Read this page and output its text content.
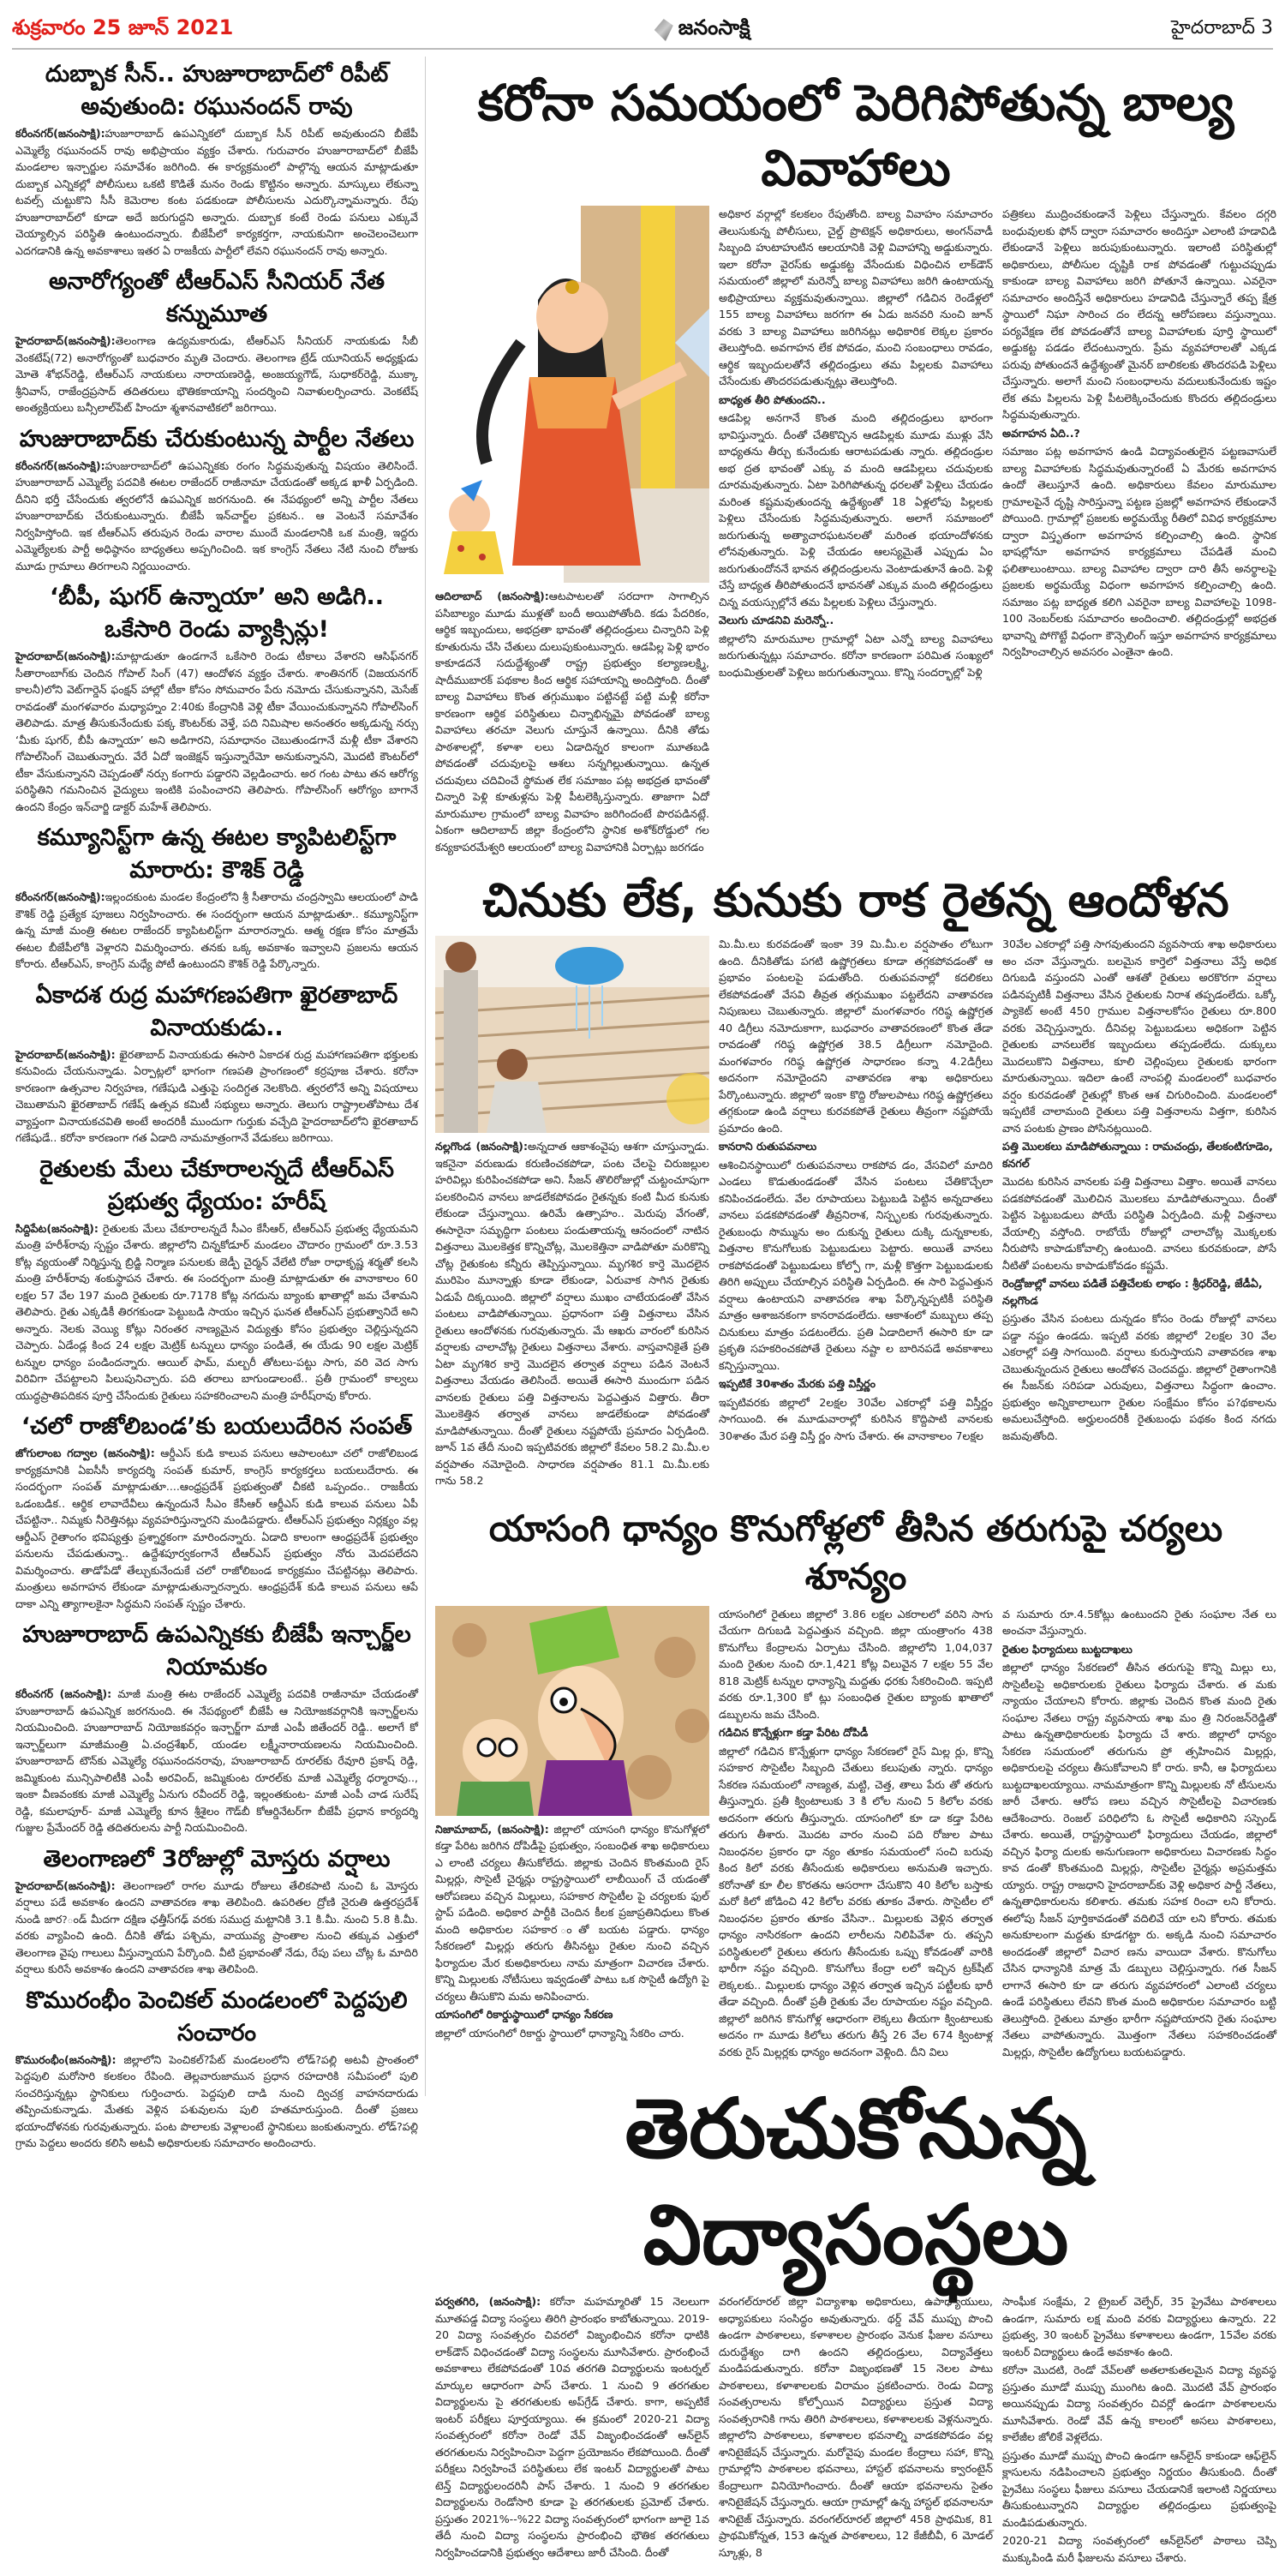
శుక్రవారం 25 జూన్ 2021	జనంసాక్షి	హైదరాబాద్ 3
దుబ్బాక సీన్.. హుజూరాబాద్‌లో రిపీట్ అవుతుంది: రఘునందన్ రావు

కరీంనగర్(జనంసాక్షి):హుజూరాబాద్ ఉపఎన్నికలో దుబ్బాక సీన్ రిపీట్ అవుతుందని బీజేపీ ఎమ్మెల్యే రఘునందన్ రావు అభిప్రాయం వ్యక్తం చేశారు. గురువారం హుజూరాబాద్‌లో బీజేపీ మండలాల ఇన్చార్జుల సమావేశం జరిగింది. ఈ కార్యక్రమంలో పాల్గొన్న ఆయన మాట్లాడుతూ దుబ్బాక ఎన్నికల్లో పోలీసులు ఒకటి కొడితే మనం రెండు కొట్టినం అన్నారు. మాస్కులు లేకున్నా టవల్స్ చుట్టుకొని సీసీ కెమెరాల కంట పడకుండా పోలీసులను ఎదుర్కొన్నామన్నారు. రేపు హుజూరాబాద్‌లో కూడా అదే జరుగుద్దని అన్నారు. దుబ్బాక కంటే రెండు పనులు ఎక్కువే చెయ్యాల్సిన పరిస్థితి ఉంటుందన్నారు. బీజేపీలో కార్యకర్తగా, నాయకునిగా అంచెలంచెలుగా ఎదగడానికి ఉన్న అవకాశాలు ఇతర ఏ రాజకీయ పార్టీలో లేవని రఘునందన్ రావు అన్నారు.

అనారోగ్యంతో టీఆర్ఎస్ సీనియర్ నేత కన్నుమూత

హైదరాబాద్(జనంసాక్షి):తెలంగాణ ఉద్యమకారుడు, టీఆర్ఎస్ సీనియర్ నాయకుడు సీబీ వెంకటేష్(72) అనారోగ్యంతో బుధవారం మృతి చెందారు. తెలంగాణ ట్రేడ్ యూనియన్ అధ్యక్షుడు మోతె శోభన్‌రెడ్డి, టీఆర్ఎస్ నాయకులు నారాయణరెడ్డి, అంజయ్యగౌడ్, సుధాకర్‌రెడ్డి, ముక్కా శ్రీనివాస్, రాజేంద్రప్రసాద్ తదితరులు భౌతికకాయాన్ని సందర్శించి నివాళులర్పించారు. వెంకటేష్ అంత్యక్రియలు బన్సీలాల్‌పేట్ హిందూ శ్మశానవాటికలో జరిగాయి.

హుజురాబాద్‌కు చేరుకుంటున్న పార్టీల నేతలు

కరీంనగర్(జనంసాక్షి):హుజురాబాద్‌లో ఉపఎన్నికకు రంగం సిద్ధమవుతున్న విషయం తెలిసిందే. హుజూరాబాద్ ఎమ్మెల్యే పదవికి ఈటల రాజేందర్ రాజీనామా చేయడంతో అక్కడ ఖాళీ ఏర్పడింది. దీనిని భర్తీ చేసేందుకు త్వరలోనే ఉపఎన్నిక జరగనుంది. ఈ నేపథ్యంలో అన్ని పార్టీల నేతలు హుజూరాబాద్‌కు చేరుకుంటున్నారు. బీజేపీ ఇన్‌చార్జ్‌ల ప్రకటన.. ఆ వెంటనే సమావేశం నిర్వహిస్తోంది. ఇక టీఆర్ఎస్ తరుపున రెండు వారాల ముందే మండలానికి ఒక మంత్రి, ఇద్దరు ఎమ్మెల్యేలకు పార్టీ అధిష్ఠానం బాధ్యతలు అప్పగించింది. ఇక కాంగ్రెస్ నేతలు నేటి నుంచి రోజుకు మూడు గ్రామాలు తిరగాలని నిర్ణయించారు.

‘బీపీ, షుగర్ ఉన్నాయా’ అని అడిగి.. ఒకేసారి రెండు వ్యాక్సిన్లు!

హైదరాబాద్(జనంసాక్షి):మాట్లాడుతూ ఉండగానే ఒకేసారి రెండు టీకాలు వేశారని ఆసిఫ్‌నగర్ సీతారాంబాగ్‌కు చెందిన గోపాల్ సింగ్ (47) ఆందోళన వ్యక్తం చేశారు. శాంతినగర్ (విజయనగర్ కాలనీ)లోని వెట్‌గార్డెన్ ఫంక్షన్ హాల్లో టీకా కోసం సోమవారం పేరు నమోదు చేసుకున్నానని, మెసేజ్ రావడంతో మంగళవారం మధ్యాహ్నం 2:40కు కేంద్రానికి వెళ్లి టీకా వేయించుకున్నానని గోపాల్‌సింగ్ తెలిపాడు. మాత్ర తీసుకునేందుకు పక్క కౌంటర్‌కు వెళ్తే, పది నిమిషాల అనంతరం అక్కడున్న నర్సు ‘మీకు షుగర్, బీపీ ఉన్నాయా’ అని అడిగారని, సమాధానం చెబుతుండగానే మళ్లీ టీకా వేశారని గోపాల్‌సింగ్ చెబుతున్నారు. వేరే ఏదో ఇంజెక్షన్ ఇస్తున్నారేమో అనుకున్నానని, మొదటి కౌంటర్‌లో టీకా వేసుకున్నానని చెప్పడంతో నర్సు కంగారు పడ్డారని వెల్లడించారు. అర గంట పాటు తన ఆరోగ్య పరిస్థితిని గమనించిన వైద్యులు ఇంటికి పంపించారని తెలిపారు. గోపాల్‌సింగ్ ఆరోగ్యం బాగానే ఉందని కేంద్రం ఇన్‌చార్జి డాక్టర్ మహేశ్ తెలిపారు.

కమ్యూనిస్ట్‌గా ఉన్న ఈటల క్యాపిటలిస్ట్‌గా మారారు: కౌశిక్ రెడ్డి

కరీంనగర్(జనంసాక్షి):ఇల్లందకుంట మండల కేంద్రంలోని శ్రీ సీతారామ చంద్రస్వామి ఆలయంలో పాడి కౌశిక్ రెడ్డి ప్రత్యేక పూజలు నిర్వహించారు. ఈ సందర్భంగా ఆయన మాట్లాడుతూ.. కమ్యూనిస్ట్‌గా ఉన్న మాజీ మంత్రి ఈటల రాజేందర్ క్యాపిటలిస్ట్‌గా మారారన్నారు. ఆత్మ రక్షణ కోసం మాత్రమే ఈటల బీజేపీలోకి వెళ్లారని విమర్శించారు. తనకు ఒక్క అవకాశం ఇవ్వాలని ప్రజలను ఆయన కోరారు. టీఆర్ఎస్, కాంగ్రెస్ మధ్యే పోటీ ఉంటుందని కౌశిక్ రెడ్డి పేర్కొన్నారు.

ఏకాదశ రుద్ర మహాగణపతిగా ఖైరతాబాద్ వినాయకుడు..

హైదరాబాద్(జనంసాక్షి): ఖైరతాబాద్ వినాయకుడు ఈసారి ఏకాదశ రుద్ర మహాగణపతిగా భక్తులకు కనువిందు చేయనున్నాడు. ఏర్పాట్లలో భాగంగా గణపతి ప్రాంగణంలో కర్రపూజ చేశారు. కరోనా కారణంగా ఉత్సవాల నిర్వహణ, గణేషుడి ఎత్తుపై సందిగ్ధత నెలకొంది. త్వరలోనే అన్ని విషయాలు చెబుతామని ఖైరతాబాద్ గణేష్ ఉత్సవ కమిటీ సభ్యులు అన్నారు. తెలుగు రాష్ట్రాలతోపాటు దేశ వ్యాప్తంగా వినాయకచవితి అంటే అందరికీ ముందుగా గుర్తుకు వచ్చేది హైదరాబాద్‌లోని ఖైరతాబాద్ గణేషుడే.. కరోనా కారణంగా గత ఏడాది నామమాత్రంగానే వేడుకలు జరిగాయి.

రైతులకు మేలు చేకూరాలన్నదే టీఆర్ఎస్ ప్రభుత్వ ధ్యేయం: హరీష్

సిద్దిపేట(జనంసాక్షి): రైతులకు మేలు చేకూరాలన్నదే సీఎం కేసీఆర్, టీఆర్ఎస్ ప్రభుత్వ ధ్యేయమని మంత్రి హరీశ్‌రావు స్పష్టం చేశారు. జిల్లాలోని చిన్నకోడూర్ మండలం చౌదారం గ్రామంలో రూ.3.53 కోట్ల వ్యయంతో నిర్మిస్తున్న బ్రిడ్జి నిర్మాణ పనులకు జెడ్పీ చైర్మన్ వేలేటి రోజా రాధాకృష్ణ శర్మతో కలసి మంత్రి హరీశ్‌రావు శంకుస్థాపన చేశారు. ఈ సందర్భంగా మంత్రి మాట్లాడుతూ ఈ వానాకాలం 60 లక్షల 57 వేల 197 మంది రైతులకు రూ.7178 కోట్ల నగదును బ్యాంకు ఖాతాల్లో జమ చేశామని తెలిపారు. రైతు ఎక్కడికీ తిరగకుండా పెట్టుబడి సాయం ఇచ్చిన ఘనత టీఆర్ఎస్ ప్రభుత్వానిదే అని అన్నారు. నెలకు వెయ్యి కోట్లు నిరంతర నాణ్యమైన విద్యుత్తు కోసం ప్రభుత్వం చెల్లిస్తున్నదని చెప్పారు. ఏడేండ్ల కింద 24 లక్షల మెట్రిక్ టన్నులు ధాన్యం పండితే, ఈ యేడు 90 లక్షల మెట్రిక్ టన్నుల ధాన్యం పండిందన్నారు. ఆయిల్ ఫామ్, మల్బరీ తోటలు-పట్టు సాగు, వరి వెద సాగు విరివిగా చేపట్టాలని పిలుపునిచ్చారు. పది తరాలు బాగుండాలంటే.. ప్రతీ గ్రామంలో కాల్వలు యుద్ధప్రాతిపదికన పూర్తి చేసేందుకు రైతులు సహకరించాలని మంత్రి హరీష్‌రావు కోరారు.

‘చలో రాజోలిబండ’కు బయలుదేరిన సంపత్

జోగులాంబ గద్వాల (జనంసాక్షి): ఆర్డీఎస్ కుడి కాలువ పనులు ఆపాలంటూ చలో రాజోలిబండ కార్యక్రమానికి ఏఐసీసీ కార్యదర్శి సంపత్ కుమార్, కాంగ్రెస్ కార్యకర్తలు బయలుదేరారు. ఈ సందర్భంగా సంపత్ మాట్లాడుతూ....ఆంధ్రప్రదేశ్ ప్రభుత్వంతో చీకటి ఒప్పందం.. రాజకీయ ఒడంబడిక.. ఆర్థిక లావాదేవీలు ఉన్నందునే సీఎం కేసీఆర్ ఆర్డీఎస్ కుడి కాలువ పనులు ఏపీ చేపట్టినా.. నిమ్మకు నీరెత్తినట్లు వ్యవహరిస్తున్నారని మండిపడ్డారు. టీఆర్ఎస్ ప్రభుత్వం నిర్లక్ష్యం వల్ల ఆర్డీఎస్ రైతాంగం భవిష్యత్తు ప్రశ్నార్థకంగా మారిందన్నారు. ఏడాది కాలంగా ఆంధ్రప్రదేశ్ ప్రభుత్వం పనులను చేపడుతున్నా.. ఉద్దేశపూర్వకంగానే టీఆర్ఎస్ ప్రభుత్వం నోరు మెదపలేదని విమర్శించారు. తాడోపేడో తేల్చుకునేందుకే చలో రాజోలిబండ కార్యక్రమం చేపట్టినట్లు తెలిపారు. మంత్రులు అవగాహన లేకుండా మాట్లాడుతున్నారన్నారు. ఆంధ్రప్రదేశ్ కుడి కాలువ పనులు ఆపే దాకా ఎన్ని త్యాగాలకైనా సిద్ధమని సంపత్ స్పష్టం చేశారు.

హుజూరాబాద్ ఉపఎన్నికకు బీజేపీ ఇన్చార్జ్‌ల నియామకం

కరీంనగర్ (జనంసాక్షి): మాజీ మంత్రి ఈట రాజేందర్ ఎమ్మెల్యే పదవికి రాజీనామా చేయడంతో హుజూరాబాద్ ఉపఎన్నిక జరగనుంది. ఈ నేపథ్యంలో బీజేపీ ఆ నియోజకవర్గానికి ఇన్చార్జ్‌లను నియమించింది. హుజూరాబాద్ నియోజకవర్గం ఇన్చార్జ్‌గా మాజీ ఎంపీ జితేందర్ రెడ్డి.. అలాగే కో ఇన్చార్జ్‌లుగా మాజీమంత్రి ఏ.చంద్రశేఖర్, యండల లక్ష్మీనారాయణలను నియమించింది. హుజూరాబాద్ టౌన్‌కు ఎమ్మెల్యే రఘునందనరావు, హుజూరాబాద్ రూరల్‌కు రేవూరి ప్రకాష్ రెడ్డి, జమ్మికుంట మున్సిపాలిటీకి ఎంపీ అరవింద్, జమ్మికుంట రూరల్‌కు మాజీ ఎమ్మెల్యే ధర్మారావు.., ఇంకా వీణవంకకు మాజీ ఎమ్మెల్యే ఏనుగు రవీందర్ రెడ్డి, ఇల్లంతకుంట- మాజీ ఎంపీ చాడ సురేష్ రెడ్డి, కమలాపూర్- మాజీ ఎమ్మెల్యే కూన శ్రీశైలం గౌడ్‌బీ కోఆర్డినేటర్‌గా బీజేపీ ప్రధాన కార్యదర్శి గుజ్జుల ప్రేమేందర్ రెడ్డి తదితరులను పార్టీ నియమించింది.

తెలంగాణలో 3రోజుల్లో మోస్తరు వర్షాలు

హైదరాబాద్(జనంసాక్షి): తెలంగాణలో రాగల మూడు రోజులు తేలికపాటి నుంచి ఓ మోస్తరు వర్షాలు పడే అవకాశం ఉందని వాతావరణ శాఖ తెలిపింది. ఉపరితల ద్రోణి నైరుతి ఉత్తరప్రదేశ్ నుండి జార?ండ్ మీదగా దక్షిణ ఛత్తీస్‌గఢ్ వరకు సముద్ర మట్టానికి 3.1 కి.మీ. నుంచి 5.8 కి.మీ. వరకు వ్యాపించి ఉంది. దీనికి తోడు పశ్చిమ, వాయువ్య ప్రాంతాల నుంచి తక్కువ ఎత్తులో తెలంగాణ వైపు గాలులు వీస్తున్నాయని పేర్కొంది. వీటి ప్రభావంతో నేడు, రేపు పలు చోట్ల ఓ మాదిరి వర్షాలు కురిసే అవకాశం ఉందని వాతావరణ శాఖ తెలిపింది.

కొమురంభీం పెంచికల్ మండలంలో పెద్దపులి సంచారం

కొమురంభీం(జనంసాక్షి): జిల్లాలోని పెంచికల్?పేట్ మండలంలోని లోడ్?పల్లి అటవీ ప్రాంతంలో పెద్దపులి మరోసారి కలకలం రేపింది. తెల్లవారుజామున ప్రధాన రహదారికి సమీపంలో పులి సంచరిస్తున్నట్లు స్థానికులు గుర్తించారు. పెద్దపులి దాడి నుంచి ద్విచక్ర వాహనదారుడు తప్పించుకున్నాడు. మేతకు వెళ్లిన పశువులను పులి హతమారుస్తుంది. దీంతో ప్రజలు భయాందోళనకు గురవుతున్నారు. పంట పొలాలకు వెళ్లాలంటే స్థానికులు జంకుతున్నారు. లోడ్?పల్లి గ్రామ పెద్దలు అందరు కలిసి అటవీ అధికారులకు సమాచారం అందించారు.

కరోనా సమయంలో పెరిగిపోతున్న బాల్య వివాహాలు

ఆదిలాబాద్ (జనంసాక్షి):ఆటపాటలతో సరదాగా సాగాల్సిన పసిబాల్యం మూడు ముళ్లతో బందీ అయిపోతోంది. కడు పేదరికం, ఆర్థిక ఇబ్బందులు, అభద్రతా భావంతో తల్లిదండ్రులు చిన్నారిని పెళ్లి కూతురును చేసి చేతులు దులుపుకుంటున్నారు. ఆడపిల్ల పెళ్లి భారం కాకూడదనే సదుద్దేశ్యంతో రాష్ట్ర ప్రభుత్వం కల్యాణలక్ష్మి, షాదీముబారక్ పథకాల కింద ఆర్థిక సహాయాన్ని అందిస్తోంది. దీంతో బాల్య వివాహాలు కొంత తగ్గుముఖం పట్టినట్టే పట్టి మళ్లీ కరోనా కారణంగా ఆర్థిక పరిస్థితులు చిన్నాభిన్నమై పోవడంతో బాల్య వివాహాలు తరచూ వెలుగు చూస్తునే ఉన్నాయి. దీనికి తోడు పాఠశాలల్లో, కళాశా లలు ఏడాదిన్నర కాలంగా మూతబడి పోవడంతో చదువులపై ఆశలు సన్నగిల్లుతున్నాయి. ఉన్నత చదువులు చదివించే స్థోమత లేక సమాజం పట్ల అభద్రత భావంతో చిన్నారి పెళ్లి కూతుళ్లను పెళ్లి పీటలెక్కిస్తున్నారు. తాజాగా ఏదో మారుమూల గ్రామంలో బాల్య వివాహం జరిగిందంటే పొరపడినట్లే. ఏకంగా ఆదిలాబాద్ జిల్లా కేంద్రంలోని స్థానిక అశోక్‌రోడ్డులో గల కన్యకాపరమేశ్వరి ఆలయంలో బాల్య వివాహానికి ఏర్పాట్లు జరగడం

అధికార వర్గాల్లో కలకలం రేపుతోంది. బాల్య వివాహం సమాచారం తెలుసుకున్న పోలీసులు, చైల్డ్ ప్రొటెక్షన్ అధికారులు, అంగన్‌వాడీ సిబ్బంది హుటాహుటిన ఆలయానికి వెళ్లి వివాహాన్ని అడ్డుకున్నారు. ఇలా కరోనా వైరస్‌కు అడ్డుకట్ట వేసేందుకు విధించిన లాక్‌డౌన్ సమయంలో జిల్లాలో మరెన్నో బాల్య వివాహాలు జరిగి ఉంటాయన్న అభిప్రాయాలు వ్యక్తమవుతున్నాయి. జిల్లాలో గడిచిన రెండేళ్లలో 155 బాల్య వివాహాలు జరగగా ఈ ఏడు జనవరి నుంచి జూన్ వరకు 3 బాల్య వివాహాలు జరిగినట్లు అధికారిక లెక్కల ప్రకారం తెలుస్తోంది. అవగాహన లేక పోవడం, మంచి సంబంధాలు రావడం, ఆర్థిక ఇబ్బందులతోనే తల్లిదండ్రులు తమ పిల్లలకు వివాహాలు చేసేందుకు తొందరపడుతున్నట్లు తెలుస్తోంది.

బాధ్యత తీరి పోతుందని..

ఆడపిల్ల అనగానే కొంత మంది తల్లిదండ్రులు భారంగా భావిస్తున్నారు. దీంతో చేతికొచ్చిన ఆడపిల్లకు మూడు ముళ్లు వేసి బాధ్యతను తీర్చు కునేందుకు ఆరాటపడుతు న్నారు. తల్లిదండ్రుల అభ ద్రత భావంతో ఎక్కు వ మంది ఆడపిల్లలు చదువులకు దూరమవుతున్నారు. ఏటా పెరిగిపోతున్న ధరలతో పెళ్లిలు చేయడం మరింత కష్టమవుతుందన్న ఉద్దేశ్యంతో 18 ఏళ్లలోపు పిల్లలకు పెళ్లిలు చేసేందుకు సిద్ధమవుతున్నారు. అలాగే సమాజంలో జరుగుతున్న అత్యాచారఘటనలతో మరింత భయాందోళనకు లోనవుతున్నారు. పెళ్లి చేయడం ఆలస్యమైతే ఎప్పుడు ఏం జరుగుతుందోననే భావన తల్లిదండ్రులను వెంటాడుతూనే ఉంది. పెళ్లి చేస్తే బాధ్యత తీరిపోతుందనే భావనతో ఎక్కువ మంది తల్లిదండ్రులు చిన్న వయస్సుల్లోనే తమ పిల్లలకు పెళ్లిలు చేస్తున్నారు.

వెలుగు చూడనివి మరెన్నో..

జిల్లాలోని మారుమూల గ్రామాల్లో ఏటా ఎన్నో బాల్య వివాహాలు జరుగుతున్నట్లు సమాచారం. కరోనా కారణంగా పరిమిత సంఖ్యలో బంధుమిత్రులతో పెళ్లిలు జరుగుతున్నాయి. కొన్ని సందర్భాల్లో పెళ్లి

పత్రికలు ముద్రించకుండానే పెళ్లిలు చేస్తున్నారు. కేవలం దగ్గరి బంధువులకు ఫోన్ ద్వారా సమాచారం అందిస్తూ ఎలాంటి హడావిడి లేకుండానే పెళ్లిలు జరుపుకుంటున్నారు. ఇలాంటి పరిస్థితుల్లో అధికారులు, పోలీసుల దృష్టికి రాక పోవడంతో గుట్టుచప్పుడు కాకుండా బాల్య వివాహాలు జరిగి పోతూనే ఉన్నాయి. ఎవరైనా సమాచారం అందిస్తేనే అధికారులు హడావిడి చేస్తున్నారే తప్ప క్షేత్ర స్థాయిలో నిఘా సారించ దం లేదన్న ఆరోపణలు వస్తున్నాయి. పర్యవేక్షణ లేక పోవడంతోనే బాల్య వివాహాలకు పూర్తి స్థాయిలో అడ్డుకట్ట పడడం లేదంటున్నారు. ప్రేమ వ్యవహారాలతో ఎక్కడ పరువు పోతుందనే ఉద్దేశ్యంతో మైనర్ బాలికలకు తొందరపడి పెళ్లిలు చేస్తున్నారు. అలాగే మంచి సంబంధాలను వదులుకునేందుకు ఇష్టం లేక తమ పిల్లలను పెళ్లి పీటలెక్కించేందుకు కొందరు తల్లిదండ్రులు సిద్ధమవుతున్నారు.

అవగాహన ఏది..?

సమాజం పట్ల అవగాహన ఉండి విద్యావంతులైన పట్టణవాసులే బాల్య వివాహాలకు సిద్ధమవుతున్నారంటే ఏ మేరకు అవగాహన ఉందో తెలుస్తూనే ఉంది. అధికారులు కేవలం మారుమూల గ్రామాలపైనే దృష్టి సారిస్తున్నా పట్టణ ప్రజల్లో అవగాహన లేకుండానే పోయింది. గ్రామాల్లో ప్రజలకు అర్థమయ్యే రీతిలో వివిధ కార్యక్రమాల ద్వారా విస్తృతంగా అవగాహన కల్పించాల్సి ఉంది. స్థానిక భాషల్లోనూ అవగాహన కార్యక్రమాలు చేపడితే మంచి ఫలితాలుంటాయి. బాల్య వివాహాల ద్వారా దారి తీసే అనర్థాలపై ప్రజలకు అర్థమయ్యే విధంగా అవగాహన కల్పించాల్సి ఉంది. సమాజం పట్ల బాధ్యత కలిగి ఎవరైనా బాల్య వివాహాలపై 1098-100 నెంబర్‌లకు సమాచారం అందించాలి. తల్లిదండ్రుల్లో అభద్రత భావాన్ని పోగొట్టే విధంగా కౌన్సెలింగ్ ఇస్తూ అవగాహన కార్యక్రమాలు నిర్వహించాల్సిన అవసరం ఎంతైనా ఉంది.

చినుకు లేక, కునుకు రాక రైతన్న ఆందోళన

నల్లగొండ (జనంసాక్షి):అన్నదాత ఆకాశంవైపు ఆశగా చూస్తున్నాడు. ఇకనైనా వరుణుడు కరుణించకపోడా, పంట చేలపై చిరుజల్లుల హరివిల్లు కురిపించకపోడా అని. సీజన్ తొలిరోజుల్లో చుట్టంచూపుగా పలకరించిన వానలు జాడలేకపోవడం రైతన్నకు కంటి మీద కునుకు లేకుండా చేస్తున్నాయి. ఉరిమే ఉత్సాహం.. మెరుపు వేగంతో, ఈసారైనా సమృద్ధిగా పంటలు పండుతాయన్న ఆనందంలో నాటిన విత్తనాలు మొలకెత్తక కొన్నిచోట్ల, మొలకెత్తినా వాడిపోతూ మరికొన్ని చోట్ల రైతుకంట కన్నీరు తెప్పిస్తున్నాయి. మృగశిర కార్తె మొదలైన మురిపెం మూన్నాళ్లు కూడా లేకుండా, ఏరువాక సాగిన రైతుకు ఏడుపే దిక్కయింది. జిల్లాలో వర్షాలు ముఖం చాటేయడంతో వేసిన పంటలు వాడిపోతున్నాయి. ప్రధానంగా పత్తి విత్తనాలు వేసిన రైతులు ఆందోళనకు గురవుతున్నారు. మే ఆఖరు వారంలో కురిసిన వర్షాలకు చాలాచోట్ల రైతులు విత్తనాలు వేశారు. వాస్తవానికైతే ప్రతి ఏటా మృగశిర కార్తె మొదలైన తర్వాత వర్షాలు పడిన వెంటనే విత్తనాలు వేయడం తెలిసిందే. అయితే ఈసారి ముందుగా పడిన వానలకు రైతులు పత్తి విత్తనాలను పెద్దఎత్తున విత్తారు. తీరా మొలకెత్తిన తర్వాత వానలు జాడలేకుండా పోవడంతో మాడిపోతున్నాయి. దీంతో రైతులు నష్టపోయే ప్రమాదం ఏర్పడింది. జూన్ 1వ తేదీ నుంచి ఇప్పటివరకు జిల్లాలో కేవలం 58.2 మి.మీ.ల వర్షపాతం నమోదైంది. సాధారణ వర్షపాతం 81.1 మి.మీ.లకు గాను 58.2

మి.మీ.లు కురవడంతో ఇంకా 39 మి.మీ.ల వర్షపాతం లోటుగా ఉంది. దీనికితోడు పగటి ఉష్ణోగ్రతలు కూడా తగ్గకపోవడంతో ఆ ప్రభావం పంటలపై పడుతోంది. రుతుపవనాల్లో కదలికలు లేకపోవడంతో వేసవి తీవ్రత తగ్గుముఖం పట్టలేదని వాతావరణ నిపుణులు చెబుతున్నారు. జిల్లాలో మంగళవారం గరిష్ఠ ఉష్ణోగ్రత 40 డిగ్రీలు నమోదుకాగా, బుధవారం వాతావరణంలో కొంత తేడా రావడంతో గరిష్ఠ ఉష్ణోగ్రత 38.5 డిగ్రీలుగా నమోదైంది. మంగళవారం గరిష్ఠ ఉష్ణోగ్రత సాధారణం కన్నా 4.2డిగ్రీలు అదనంగా నమోదైందని వాతావరణ శాఖ అధికారులు పేర్కొంటున్నారు. జిల్లాలో ఇంకా కొద్ది రోజులపాటు గరిష్ఠ ఉష్ణోగ్రతలు తగ్గకుండా ఉండి వర్షాలు కురవకపోతే రైతులు తీవ్రంగా నష్టపోయే ప్రమాదం ఉంది.

కానరాని రుతుపవనాలు

ఆశించినస్థాయిలో రుతుపవనాలు రాకపోవ డం, వేసవిలో మాదిరి ఎండలు కొడుతుండడంతో వేసిన పంటలు చేతికొచ్చేలా కనిపించడంలేదు. వేల రూపాయలు పెట్టుబడి పెట్టిన అన్నదాతలు వానలు పడకపోవడంతో తీవ్రనిరాశ, నిస్పృలకు గురవుతున్నారు. రైతుబంధు సొమ్మును అం దుకున్న రైతులు దుక్కి దున్నకాలకు, విత్తనాల కొనుగోలుకు పెట్టుబడులు పెట్టారు. అయితే వానలు రాకపోవడంతో పెట్టుబడులు కోల్పో గా, మళ్లీ కొత్తగా పెట్టుబడులకు తిరిగి అప్పులు చేయాల్సిన పరిస్థితి ఏర్పడింది. ఈ సారి పెద్దఎత్తున వర్షాలు ఉంటాయని వాతావరణ శాఖ పేర్కొన్నప్పటికీ పరిస్థితి మాత్రం ఆశాజనకంగా కానరావడంలేదు. ఆకాశంలో మబ్బులు తప్ప చినుకులు మాత్రం పడటంలేదు. ప్రతి ఏడాదిలాగే ఈసారి కూ డా ప్రకృతి సహకరించకపోతే రైతులు నష్టా ల బారినపడే అవకాశాలు కన్పిస్తున్నాయి.

ఇప్పటికే 30శాతం మేరకు పత్తి విస్తీర్ణం

ఇప్పటివరకు జిల్లాలో 2లక్షల 30వేల ఎకరాల్లో పత్తి విస్తీర్ణం సాగయింది. ఈ మూడువారాల్లో కురిసిన కొద్దిపాటి వానలకు 30శాతం మేర పత్తి విస్తీ ర్ణం సాగు చేశారు. ఈ వానాకాలం 7లక్షల

30వేల ఎకరాల్లో పత్తి సాగవుతుందని వ్యవసాయ శాఖ అధికారులు అం చనా వేస్తున్నారు. బలమైన కార్తెలో విత్తనాలు వేస్తే అధిక దిగుబడి వస్తుందని ఎంతో ఆశతో రైతులు అరకొరగా వర్షాలు పడినప్పటికీ విత్తనాలు వేసిన రైతులకు నిరాశ తప్పడంలేదు. ఒక్కో ప్యాకెట్ అంటే 450 గ్రాముల విత్తనాలకోసం రైతులు రూ.800 వరకు వెచ్చిస్తున్నారు. దీనివల్ల పెట్టుబడులు అధికంగా పెట్టిన రైతులకు వానలులేక ఇబ్బందులు తప్పడంలేదు. దుక్కులు మొదలుకొని విత్తనాలు, కూలి చెల్లింపులు రైతులకు భారంగా మారుతున్నాయి. ఇదిలా ఉంటే నాంపల్లి మండలంలో బుధవారం వర్షం కురవడంతో రైతుల్లో కొంత ఆశ చిగురించింది. మండలంలో ఇప్పటికే చాలామంది రైతులు పత్తి విత్తనాలను విత్తగా, కురిసిన వాన పంటకు ప్రాణం పోసినట్లయింది.

పత్తి మొలకలు మాడిపోతున్నాయి : రామచంద్రు, తేలకంటిగూడెం, కనగల్

మొదట కురిసిన వానలకు పత్తి విత్తనాలు విత్తాం. అయితే వానలు పడకపోవడంతో మొలిచిన మొలకలు మాడిపోతున్నాయి. దీంతో పెట్టిన పెట్టుబడులు పోయే పరిస్థితి ఏర్పడింది. మళ్లీ విత్తనాలు వేయాల్సి వస్తోంది. రాబోయే రోజుల్లో చాలాచోట్ల మొక్కలకు నీరుపోసి కాపాడుకోవాల్సి ఉంటుంది. వానలు కురవకుండా, పోసే నీటితో పంటలను కాపాడుకోవడం కష్టమే.

రెండ్రోజుల్లో వానలు పడితే పత్తిచేలకు లాభం : శ్రీధర్‌రెడ్డి, జేడీఏ, నల్లగొండ

ప్రస్తుతం వేసిన పంటలు దున్నడం కోసం రెండు రోజుల్లో వానలు పడ్డా నష్టం ఉండదు. ఇప్పటి వరకు జిల్లాలో 2లక్షల 30 వేల ఎకరాల్లో పత్తి సాగయింది. వర్షాలు కురుస్తాయని వాతావరణ శాఖ చెబుతున్నందున రైతులు ఆందోళన చెందవద్దు. జిల్లాలో రైతాంగానికి ఈ సీజన్‌కు సరిపడా ఎరువులు, విత్తనాలు సిద్ధంగా ఉంచాం. ప్రభుత్వం అన్నికాలాలుగా రైతుల సంక్షేమం కోసం ప?థకాలను అమలుచేస్తోంది. అర్హులందరికీ రైతుబంధు పథకం కింద నగదు జమవుతోంది.

యాసంగి ధాన్యం కొనుగోళ్లలో తీసిన తరుగుపై చర్యలు శూన్యం

నిజామాబాద్, (జనంసాక్షి): జిల్లాలో యాసంగి ధాన్యం కొనుగోళ్లలో కడ్తా పేరిట జరిగిన దోపిడీపై ప్రభుత్వం, సంబంధిత శాఖ అధికారులు ఎ లాంటి చర్యలు తీసుకోలేదు. జిల్లాకు చెందిన కొంతమంది రైస్ మిల్లర్లు, సొసైటీ చైర్మన్లు రాష్ట్రస్థాయిలో లాబీయింగ్ చే యడంతో ఆరోపణలు వచ్చిన మిల్లులు, సహకార సొసైటీల పై చర్యలకు ఫుల్ స్టాప్ పడింది. అధికార పార్టీకి చెందిన కీలక ప్రజాప్రతినిధులు కొంత మంది అధికారుల సహకార ంతో బయట పడ్డారు. ధాన్యం సేకరణలో మిల్లర్లు తరుగు తీసినట్టు రైతుల నుంచి వచ్చిన ఫిర్యాదుల మేర కుఅధికారులు నామ మాత్రంగా విచారణ చేశారు. కొన్ని మిల్లులకు నోటీసులు ఇవ్వడంతో పాటు ఒక సొసైటీ ఉద్యోగి పై చర్యలు తీసుకొని మమ అనిపించారు.

యాసంగిలో రికార్డుస్థాయిలో ధాన్యం సేకరణ

జిల్లాలో యాసంగిలో రికార్డు స్థాయిలో ధాన్యాన్ని సేకరిం చారు.

యాసంగిలో రైతులు జిల్లాలో 3.86 లక్షల ఎకరాలలో వరిని సాగు చేయగా దిగుబడి పెద్దఎత్తున వచ్చింది. జిల్లా యంత్రాంగం 438 కొనుగోలు కేంద్రాలను ఏర్పాటు చేసింది. జిల్లాలోని 1,04,037 మంది రైతుల నుంచి రూ.1,421 కోట్ల విలువైన 7 లక్షల 55 వేల 818 మెట్రిక్ టన్నుల ధాన్యాన్ని మద్దతు ధరకు సేకరించింది. ఇప్పటి వరకు రూ.1,300 కో ట్లు సంబంధిత రైతుల బ్యాంకు ఖాతాలో డబ్బులను జమ చేసింది.

గడిచిన కొన్నేళ్లుగా కడ్తా పేరిట దోపిడీ

జిల్లాలో గడిచిన కొన్నేళ్లుగా ధాన్యం సేకరణలో రైస్ మిల్ల ర్లు, కొన్ని సహకార సొసైటీల సిబ్బంది చేతులు కలుపుతు న్నారు. ధాన్యం సేకరణ సమయంలో నాణ్యత, మట్టి, చెత్త, తాలు పేరు తో తరుగు తీస్తున్నారు. ప్రతీ క్వింటాలుకు 3 కి లోల నుంచి 5 కిలోల వరకు అదనంగా తరుగు తీస్తున్నారు. యాసంగిలో కూ డా కడ్తా పేరిట తరుగు తీశారు. మొదట వారం నుంచి పది రోజుల పాటు నిబంధనల ప్రకారం ధా న్యం తూకం సమయంలో సంచి బరువు కింద కిలో వరకు తీసేందుకు అధికారులు అనుమతి ఇచ్చారు. కరోనాతో కూ లీల కొరతను ఆసరాగా చేసుకొని 40 కిలోల బస్తాకు మరో కిలో జోడించి 42 కిలోల వరకు తూకం వేశారు. సొసైటీల లో నిబంధనల ప్రకారం తూకం వేసినా.. మిల్లులకు వెళ్లిన తర్వాత ధాన్యం నాసిరకంగా ఉందని లారీలను నిలిపివేశా రు. తప్పని పరిస్థితులలో రైతులు తరుగు తీసేందుకు ఒప్పు కోవడంతో వారికి భారీగా నష్టం వచ్చింది. కొనుగోలు కేంద్రా లలో ఇచ్చిన ట్రక్‌షీట్ లెక్కలకు.. మిల్లులకు ధాన్యం వెళ్లిన తర్వాత ఇచ్చిన పట్టీలకు భారీ తేడా వచ్చింది. దీంతో ప్రతీ రైతుకు వేల రూపాయల నష్టం వచ్చింది. జిల్లాలో జరిగిన కొనుగోళ్ల ఆధారంగా లెక్కలు తీయగా క్వింటాలుకు అదనం గా మూడు కిలోలు తరుగు తీస్తే 26 వేల 674 క్వింటాళ్ల వరకు రైస్ మిల్లర్లకు ధాన్యం అదనంగా వెళ్లింది. దీని విలు

వ సుమారు రూ.4.5కోట్లు ఉంటుందని రైతు సంఘాల నేత లు అంచనా వేస్తున్నారు.

రైతుల ఫిర్యాదులు బుట్టదాఖలు

జిల్లాలో ధాన్యం సేకరణలో తీసిన తరుగుపై కొన్ని మిల్లు లు, సొసైటీలపై అధికారులకు రైతులు ఫిర్యాదు చేశారు. త మకు న్యాయం చేయాలని కోరారు. జిల్లాకు చెందిన కొంత మంది రైతు సంఘాల నేతలు రాష్ట్ర వ్యవసాయ శాఖ మం త్రి నిరంజన్‌రెడ్డితో పాటు ఉన్నతాధికారులకు ఫిర్యాదు చే శారు. జిల్లాలో ధాన్యం సేకరణ సమయంలో తరుగును ప్రో త్సహించిన మిల్లర్లు, అధికారులపై చర్యలు తీసుకోవాలని కో రారు. కానీ, ఆ ఫిర్యాదులు బుట్టదాఖలయ్యాయి. నామమాత్రంగా కొన్ని మిల్లులకు నో టీసులను జారీ చేశారు. ఆరోప ణలు వచ్చిన సొసైటీలపై విచారణకు ఆదేశించారు. రెంజల్ పరిధిలోని ఓ సొసైటీ అధికారిని సస్పెండ్ చేశారు. అయితే, రాష్ట్రస్థాయిలో ఫిర్యాదులు చేయడం, జిల్లాలో వచ్చిన ఫిర్యా దులకు అనుగుణంగా అధికారులు విచారణకు సిద్ధం కావ డంతో కొంతమంది మిల్లర్లు, సొసైటీల చైర్మన్లు అప్రమత్తమ య్యారు. రాష్ట్ర రాజధాని హైదరాబాద్‌కు వెళ్లి అధికార పార్టీ నేతలు, ఉన్నతాధికారులను కలిశారు. తమకు సహక రించా లని కోరారు. ఈలోపు సీజన్ పూర్తికావడంతో వదిలివే యా లని కోరారు. తమకు అనుకూలంగా మద్దతు కూడగట్టా రు. అక్కడి నుంచి సమాచారం అందడంతో జిల్లాలో విచార ణను వాయిదా వేశారు. కొనుగోలు చేసిన ధాన్యానికి మాత్ర మే డబ్బులు చెల్లిస్తున్నారు. గత సీజన్ లాగానే ఈసారి కూ డా తరుగు వ్యవహారంలో ఎలాంటి చర్యలు ఉండే పరిస్థితులు లేవని కొంత మంది అధికారుల సమాచారం బట్టి తెలుస్తోంది. రైతులు మాత్రం భారీగా నష్టపోయారని రైతు సంఘాల నేతలు వాపోతున్నారు. మొత్తంగా నేతలు సహకరించడంతో మిల్లర్లు, సొసైటీల ఉద్యోగులు బయటపడ్డారు.

తెరుచుకోనున్న విద్యాసంస్థలు

పర్వతగిరి, (జనంసాక్షి): కరోనా మహమ్మారితో 15 నెలలుగా మూతపడ్డ విద్యా సంస్థలు తిరిగి ప్రారంభం కాబోతున్నాయి. 2019-20 విద్యా సంవత్సరం చివరలో విజృంభించిన కరోనా ధాటికి లాక్‌డౌన్ విధించడంతో విద్యా సంస్థలను మూసివేశారు. ప్రారంభించే అవకాశాలు లేకపోవడంతో 10వ తరగతి విద్యార్థులను ఇంటర్నల్ మార్కుల ఆధారంగా పాస్ చేశారు. 1 నుంచి 9 తరగతుల విద్యార్థులను పై తరగతులకు అప్‌గ్రేడ్ చేశారు. కాగా, అప్పటికే ఇంటర్ పరీక్షలు పూర్తయ్యాయి. ఈ క్రమంలో 2020-21 విద్యా సంవత్సరంలో కరోనా రెండో వేవ్ విజృంభించడంతో ఆన్‌లైన్ తరగతులను నిర్వహించినా పెద్దగా ప్రయోజనం లేకపోయింది. దీంతో పరీక్షలు నిర్వహించే పరిస్థితులు లేక ఇంటర్ విద్యార్థులతో పాటు టెన్త్ విద్యార్థులందరినీ పాస్ చేశారు. 1 నుంచి 9 తరగతుల విద్యార్థులను రెండోసారి కూడా పై తరగతులకు ప్రమోట్ చేశారు. ప్రస్తుతం 2021%--%22 విద్యా సంవత్సరంలో భాగంగా జూలై 1వ తేదీ నుంచి విద్యా సంస్థలను ప్రారంభించి భౌతిక తరగతులు నిర్వహించడానికి ప్రభుత్వం ఆదేశాలు జారీ చేసింది. దీంతో

వరంగల్‌రూరల్ జిల్లా విద్యాశాఖ అధికారులు, ఉపాధ్యాయులు, అధ్యాపకులు సంసిద్ధం అవుతున్నారు. థర్డ్ వేవ్ ముప్పు పొంచి ఉండగా పాఠశాలలు, కళాశాలల ప్రారంభం వెనుక ఫీజుల వసూలు దురుద్దేశ్యం దాగి ఉందని తల్లిదండ్రులు, విద్యావేత్తలు మండిపడుతున్నారు. కరోనా విజృంభణతో 15 నెలల పాటు పాఠశాలలు, కళాశాలలకు విరామం ప్రకటించారు. రెండు విద్యా సంవత్సరాలను కోల్పోయిన విద్యార్థులు ప్రస్తుత విద్యా సంవత్సరానికి గాను తిరిగి పాఠశాలలు, కళాశాలలకు వెళ్లనున్నారు. జిల్లాలోని పాఠశాలలు, కళాశాలల భవనాల్ని వాడకపోవడం వల్ల శానిటైజేషన్ చేస్తున్నారు. మరోవైపు మండల కేంద్రాలు సహా, కొన్ని గ్రామాల్లోని పాఠశాలల భవనాలు, హాస్టల్ భవనాలను క్వారంటైన్ కేంద్రాలుగా వినియోగించారు. దీంతో ఆయా భవనాలను సైతం శానిటైజేషన్ చేస్తున్నారు. ఆయా గ్రామాల్లో ఉన్న హాస్టల్ భవనాలనూ శానిటైజ్ చేస్తున్నారు. వరంగల్‌రూరల్ జిల్లాలో 458 ప్రాథమిక, 81 ప్రాథమికోన్నత, 153 ఉన్నత పాఠశాలలు, 12 కేజీబీవీ, 6 మోడల్ స్కూళ్లు, 8

సాంఘీక సంక్షేమ, 2 ట్రైబల్ వెల్ఫేర్, 35 ప్రైవేటు పాఠశాలలు ఉండగా, సుమారు లక్ష మంది వరకు విద్యార్థులు ఉన్నారు. 22 ప్రభుత్వ, 30 ఇంటర్ ప్రైవేటు కళాశాలలు ఉండగా, 15వేల వరకు ఇంటర్ విద్యార్థులు ఉండే అవకాశం ఉంది.

కరోనా మొదటి, రెండో వేవ్‌లతో అతలాకుతలమైన విద్యా వ్యవస్థ ప్రస్తుతం మూడో ముప్పు ముంగిట ఉంది. మొదటి వేవ్ ప్రారంభం అయినప్పుడు విద్యా సంవత్సరం చివర్లో ఉండగా పాఠశాలలను మూసివేశారు. రెండో వేవ్ ఉన్న కాలంలో అసలు పాఠశాలలు, కాలేజీల జోలికే వెళ్లలేదు.

ప్రస్తుతం మూడో ముప్పు పొంచి ఉండగా ఆన్‌లైన్ కాకుండా ఆఫ్‌లైన్ క్లాసులను నడిపించాలని ప్రభుత్వం నిర్ణయం తీసుకుంది. దీంతో ప్రైవేటు సంస్థలు ఫీజులు వసూలు చేయడానికే ఇలాంటి నిర్ణయాలు తీసుకుంటున్నారని విద్యార్థుల తల్లిదండ్రులు ప్రభుత్వంపై మండిపడుతున్నారు.

2020-21 విద్యా సంవత్సరంలో ఆన్‌లైన్‌లో పాఠాలు చెప్పి ముక్కుపిండి మరీ ఫీజులను వసూలు చేశారు.
